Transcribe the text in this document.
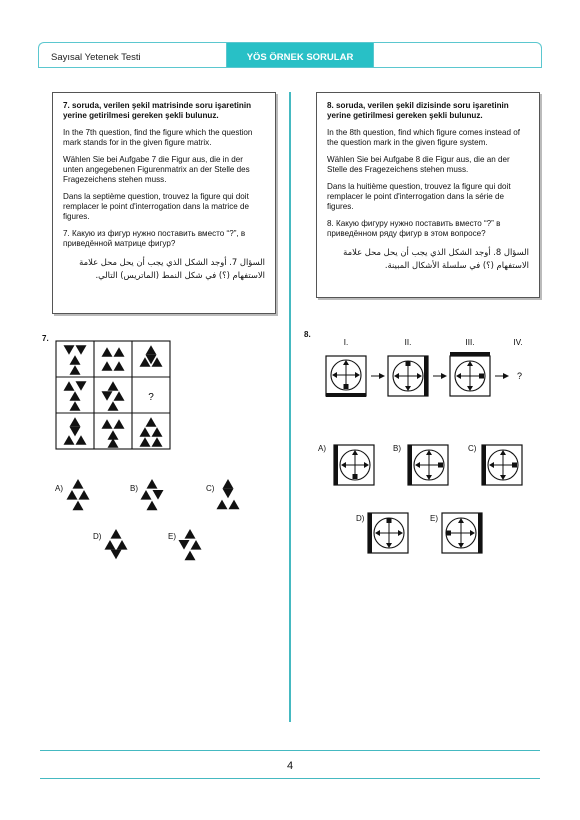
Sayısal Yetenek Testi	YÖS ÖRNEK SORULAR

7. soruda, verilen şekil matrisinde soru işaretinin yerine getirilmesi gereken şekli bulunuz.

In the 7th question, find the figure which the question mark stands for in the given figure matrix.

Wählen Sie bei Aufgabe 7 die Figur aus, die in der unten angegebenen Figurenmatrix an der Stelle des Fragezeichens stehen muss.

Dans la septième question, trouvez la figure qui doit remplacer le point d'interrogation dans la matrice de figures.

7. Какую из фигур нужно поставить вместо “?”, в приведённой матрице фигур?

السؤال 7. أوجد الشكل الذي يجب أن يحل محل علامة الاستفهام (؟) في شكل النمط (الماتريس) التالي.

8. soruda, verilen şekil dizisinde soru işaretinin yerine getirilmesi gereken şekli bulunuz.

In the 8th question, find which figure comes instead of the question mark in the given figure system.

Wählen Sie bei Aufgabe 8 die Figur aus, die an der Stelle des Fragezeichens stehen muss.

Dans la huitième question, trouvez la figure qui doit remplacer le point d'interrogation dans la série de figures.

8. Какую фигуру нужно поставить вместо “?” в приведённом ряду фигур в этом вопросе?

السؤال 8. أوجد الشكل الذي يجب أن يحل محل علامة الاستفهام (؟) في سلسلة الأشكال المبينة.

7.
?
A)	B)	C)
D)	E)
8.
I.	II.	III.	IV.
?
A)	B)	C)
D)	E)
4
